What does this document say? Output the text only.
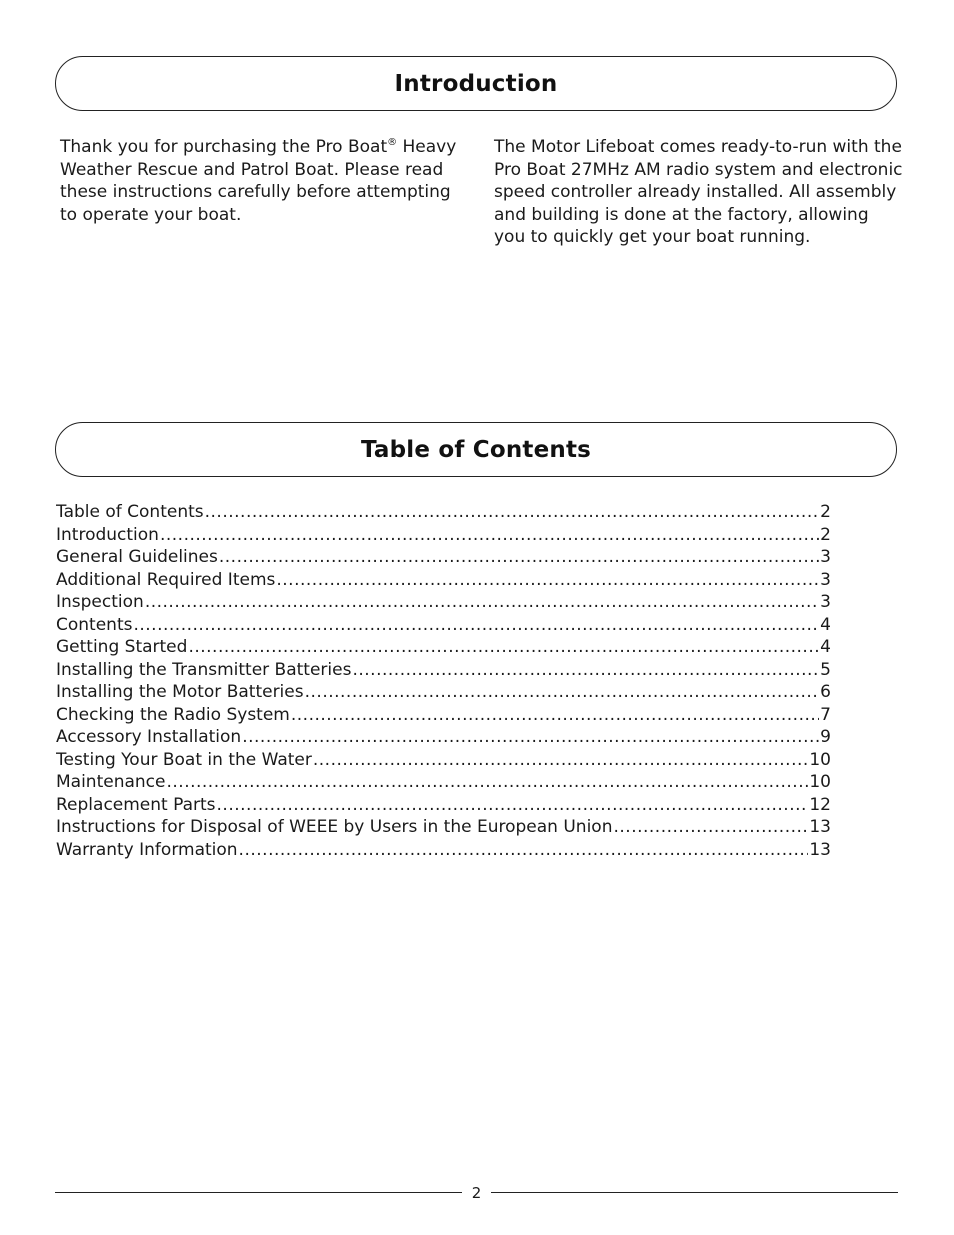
Introduction

Thank you for purchasing the Pro Boat® Heavy Weather Rescue and Patrol Boat. Please read these instructions carefully before attempting to operate your boat.

The Motor Lifeboat comes ready-to-run with the Pro Boat 27MHz AM radio system and electronic speed controller already installed. All assembly and building is done at the factory, allowing you to quickly get your boat running.

Table of Contents
Table of Contents .....	2
Introduction .....	2
General Guidelines .....	3
Additional Required Items .....	3
Inspection .....	3
Contents .....	4
Getting Started .....	4
Installing the Transmitter Batteries .....	5
Installing the Motor Batteries .....	6
Checking the Radio System .....	7
Accessory Installation .....	9
Testing Your Boat in the Water .....	10
Maintenance .....	10
Replacement Parts .....	12
Instructions for Disposal of WEEE by Users in the European Union .....	13
Warranty Information .....	13
2
